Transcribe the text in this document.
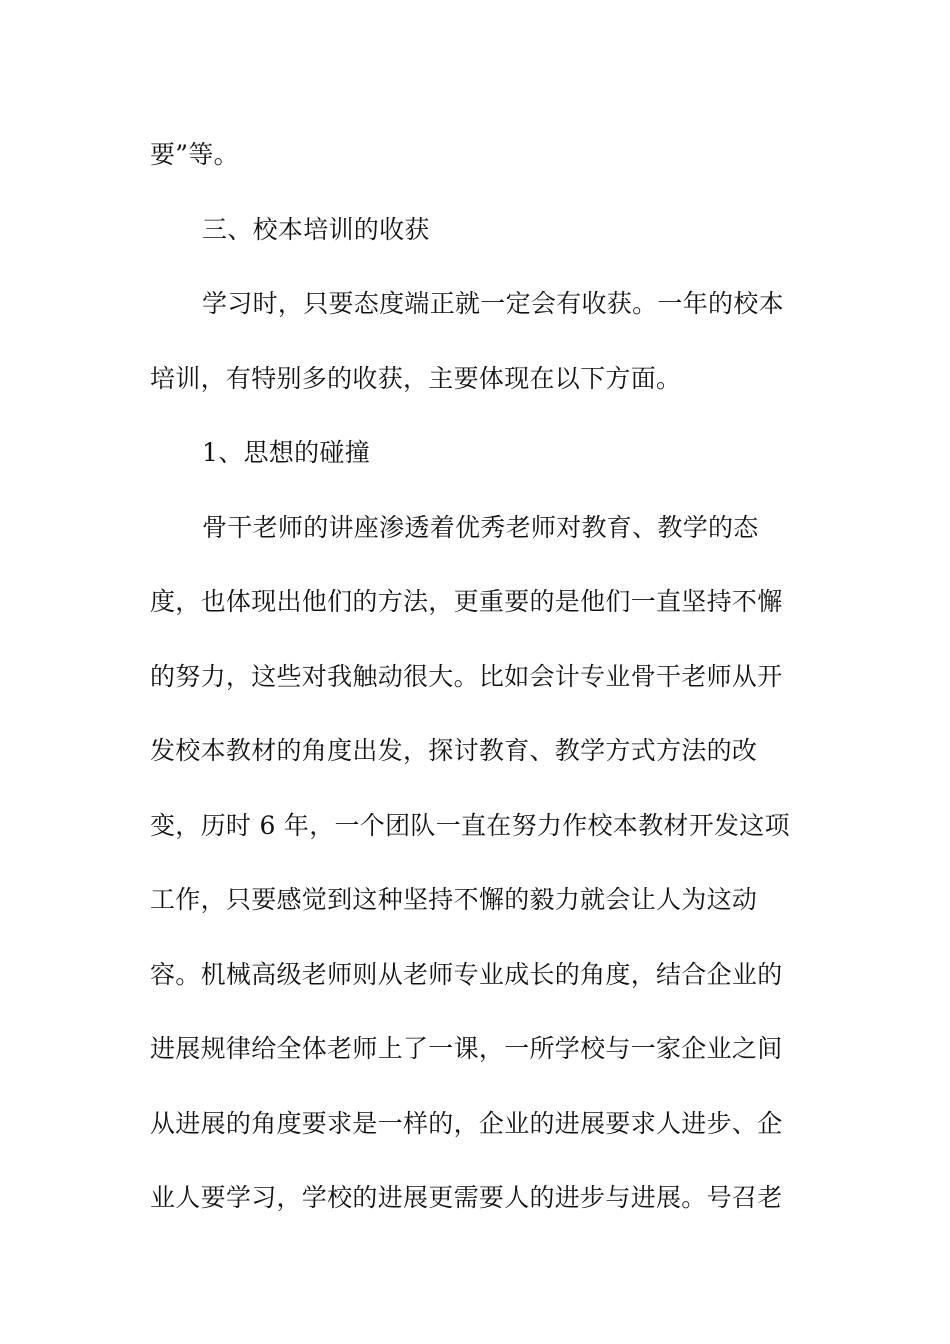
要”等。
三、校本培训的收获
学习时，只要态度端正就一定会有收获。一年的校本
培训，有特别多的收获，主要体现在以下方面。
1、思想的碰撞
骨干老师的讲座渗透着优秀老师对教育、教学的态
度，也体现出他们的方法，更重要的是他们一直坚持不懈
的努力，这些对我触动很大。比如会计专业骨干老师从开
发校本教材的角度出发，探讨教育、教学方式方法的改
变，历时 6 年，一个团队一直在努力作校本教材开发这项
工作，只要感觉到这种坚持不懈的毅力就会让人为这动
容。机械高级老师则从老师专业成长的角度，结合企业的
进展规律给全体老师上了一课，一所学校与一家企业之间
从进展的角度要求是一样的，企业的进展要求人进步、企
业人要学习，学校的进展更需要人的进步与进展。号召老
